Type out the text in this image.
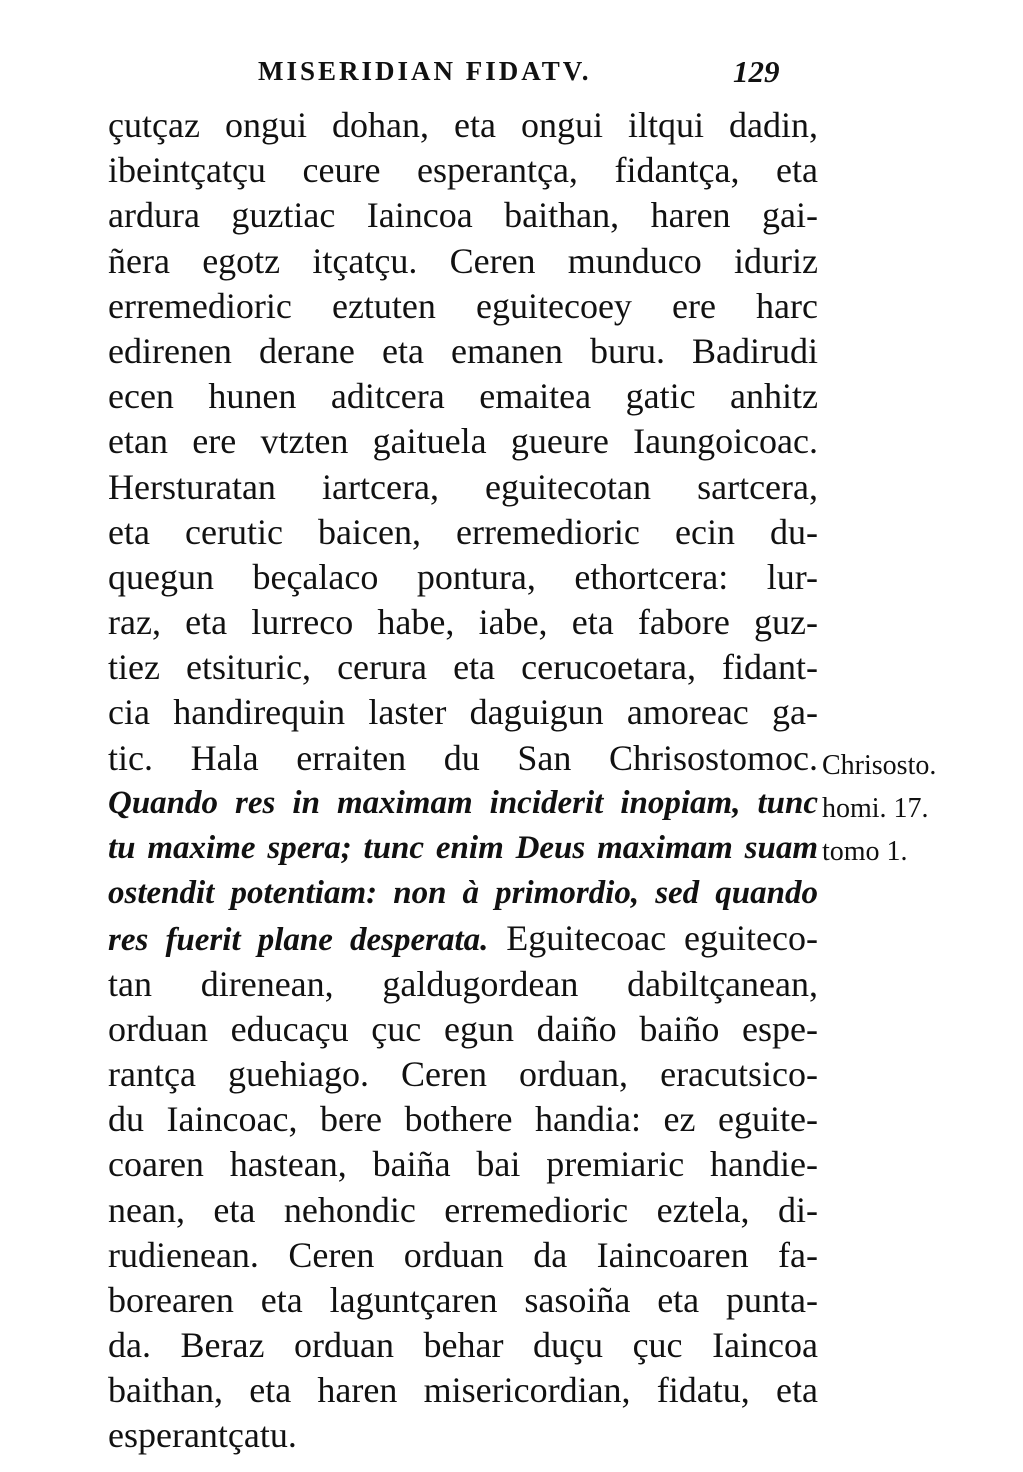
MISERIDIAN FIDATV.	129
çutçaz ongui dohan, eta ongui iltqui dadin,
ibeintçatçu ceure esperantça, fidantça, eta
ardura guztiac Iaincoa baithan, haren gai-
ñera egotz itçatçu. Ceren munduco iduriz
erremedioric eztuten eguitecoey ere harc
edirenen derane eta emanen buru. Badirudi
ecen hunen aditcera emaitea gatic anhitz
etan ere vtzten gaituela gueure Iaungoicoac.
Hersturatan iartcera, eguitecotan sartcera,
eta cerutic baicen, erremedioric ecin du-
quegun beçalaco pontura, ethortcera: lur-
raz, eta lurreco habe, iabe, eta fabore guz-
tiez etsituric, cerura eta cerucoetara, fidant-
cia handirequin laster daguigun amoreac ga-
tic. Hala erraiten du San Chrisostomoc.
Quando res in maximam inciderit inopiam, tunc
tu maxime spera; tunc enim Deus maximam suam
ostendit potentiam: non à primordio, sed quando
res fuerit plane desperata. Eguitecoac eguiteco-
tan direnean, galdugordean dabiltçanean,
orduan educaçu çuc egun daiño baiño espe-
rantça guehiago. Ceren orduan, eracutsico-
du Iaincoac, bere bothere handia: ez eguite-
coaren hastean, baiña bai premiaric handie-
nean, eta nehondic erremedioric eztela, di-
rudienean. Ceren orduan da Iaincoaren fa-
borearen eta laguntçaren sasoiña eta punta-
da. Beraz orduan behar duçu çuc Iaincoa
baithan, eta haren misericordian, fidatu, eta
esperantçatu.
Chrisosto.
homi. 17.
tomo 1.
